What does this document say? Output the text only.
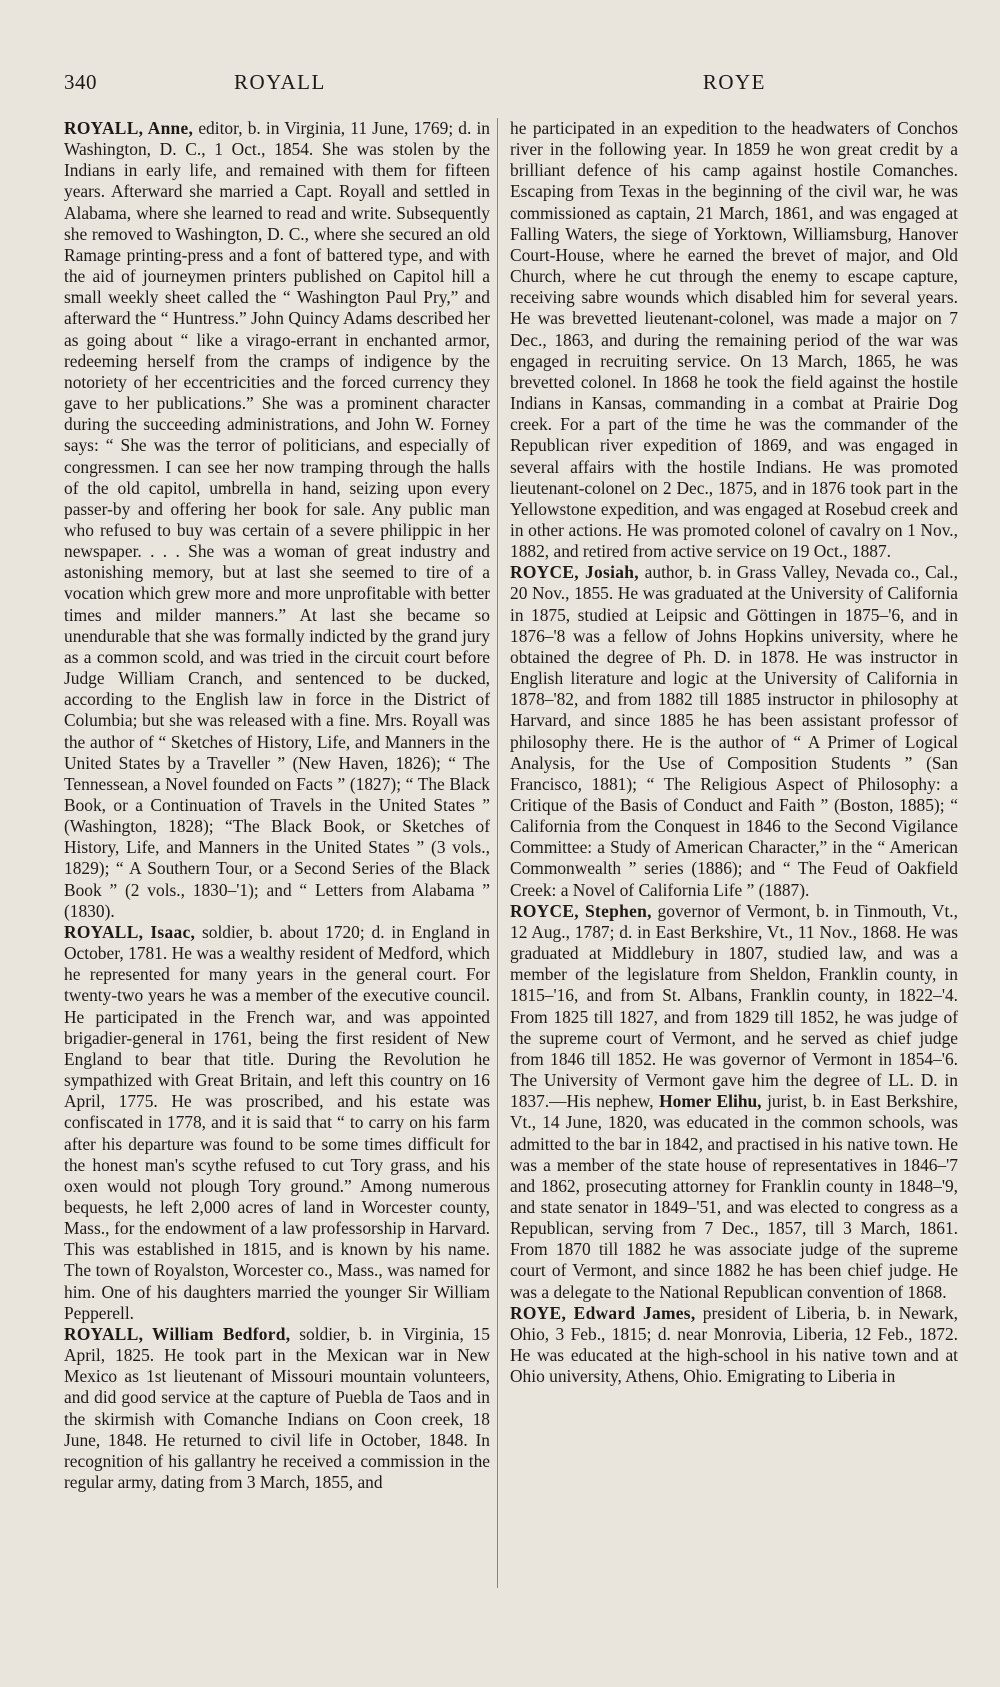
340	ROYALL	ROYE

ROYALL, Anne, editor, b. in Virginia, 11 June, 1769; d. in Washington, D. C., 1 Oct., 1854. She was stolen by the Indians in early life, and remained with them for fifteen years. Afterward she married a Capt. Royall and settled in Alabama, where she learned to read and write. Subsequently she removed to Washington, D. C., where she secured an old Ramage printing-press and a font of battered type, and with the aid of journeymen printers published on Capitol hill a small weekly sheet called the “ Washington Paul Pry,” and afterward the “ Huntress.” John Quincy Adams described her as going about “ like a virago-errant in enchanted armor, redeeming herself from the cramps of indigence by the notoriety of her eccentricities and the forced currency they gave to her publications.” She was a prominent character during the succeeding administrations, and John W. Forney says: “ She was the terror of politicians, and especially of congressmen. I can see her now tramping through the halls of the old capitol, umbrella in hand, seizing upon every passer-by and offering her book for sale. Any public man who refused to buy was certain of a severe philippic in her newspaper. . . . She was a woman of great industry and astonishing memory, but at last she seemed to tire of a vocation which grew more and more unprofitable with better times and milder manners.” At last she became so unendurable that she was formally indicted by the grand jury as a common scold, and was tried in the circuit court before Judge William Cranch, and sentenced to be ducked, according to the English law in force in the District of Columbia; but she was released with a fine. Mrs. Royall was the author of “ Sketches of History, Life, and Manners in the United States by a Traveller ” (New Haven, 1826); “ The Tennessean, a Novel founded on Facts ” (1827); “ The Black Book, or a Continuation of Travels in the United States ” (Washington, 1828); “The Black Book, or Sketches of History, Life, and Manners in the United States ” (3 vols., 1829); “ A Southern Tour, or a Second Series of the Black Book ” (2 vols., 1830–'1); and “ Letters from Alabama ” (1830).

ROYALL, Isaac, soldier, b. about 1720; d. in England in October, 1781. He was a wealthy resident of Medford, which he represented for many years in the general court. For twenty-two years he was a member of the executive council. He participated in the French war, and was appointed brigadier-general in 1761, being the first resident of New England to bear that title. During the Revolution he sympathized with Great Britain, and left this country on 16 April, 1775. He was proscribed, and his estate was confiscated in 1778, and it is said that “ to carry on his farm after his departure was found to be some times difficult for the honest man's scythe refused to cut Tory grass, and his oxen would not plough Tory ground.” Among numerous bequests, he left 2,000 acres of land in Worcester county, Mass., for the endowment of a law professorship in Harvard. This was established in 1815, and is known by his name. The town of Royalston, Worcester co., Mass., was named for him. One of his daughters married the younger Sir William Pepperell.

ROYALL, William Bedford, soldier, b. in Virginia, 15 April, 1825. He took part in the Mexican war in New Mexico as 1st lieutenant of Missouri mountain volunteers, and did good service at the capture of Puebla de Taos and in the skirmish with Comanche Indians on Coon creek, 18 June, 1848. He returned to civil life in October, 1848. In recognition of his gallantry he received a commission in the regular army, dating from 3 March, 1855, and

he participated in an expedition to the headwaters of Conchos river in the following year. In 1859 he won great credit by a brilliant defence of his camp against hostile Comanches. Escaping from Texas in the beginning of the civil war, he was commissioned as captain, 21 March, 1861, and was engaged at Falling Waters, the siege of Yorktown, Williamsburg, Hanover Court-House, where he earned the brevet of major, and Old Church, where he cut through the enemy to escape capture, receiving sabre wounds which disabled him for several years. He was brevetted lieutenant-colonel, was made a major on 7 Dec., 1863, and during the remaining period of the war was engaged in recruiting service. On 13 March, 1865, he was brevetted colonel. In 1868 he took the field against the hostile Indians in Kansas, commanding in a combat at Prairie Dog creek. For a part of the time he was the commander of the Republican river expedition of 1869, and was engaged in several affairs with the hostile Indians. He was promoted lieutenant-colonel on 2 Dec., 1875, and in 1876 took part in the Yellowstone expedition, and was engaged at Rosebud creek and in other actions. He was promoted colonel of cavalry on 1 Nov., 1882, and retired from active service on 19 Oct., 1887.

ROYCE, Josiah, author, b. in Grass Valley, Nevada co., Cal., 20 Nov., 1855. He was graduated at the University of California in 1875, studied at Leipsic and Göttingen in 1875–'6, and in 1876–'8 was a fellow of Johns Hopkins university, where he obtained the degree of Ph. D. in 1878. He was instructor in English literature and logic at the University of California in 1878–'82, and from 1882 till 1885 instructor in philosophy at Harvard, and since 1885 he has been assistant professor of philosophy there. He is the author of “ A Primer of Logical Analysis, for the Use of Composition Students ” (San Francisco, 1881); “ The Religious Aspect of Philosophy: a Critique of the Basis of Conduct and Faith ” (Boston, 1885); “ California from the Conquest in 1846 to the Second Vigilance Committee: a Study of American Character,” in the “ American Commonwealth ” series (1886); and “ The Feud of Oakfield Creek: a Novel of California Life ” (1887).

ROYCE, Stephen, governor of Vermont, b. in Tinmouth, Vt., 12 Aug., 1787; d. in East Berkshire, Vt., 11 Nov., 1868. He was graduated at Middlebury in 1807, studied law, and was a member of the legislature from Sheldon, Franklin county, in 1815–'16, and from St. Albans, Franklin county, in 1822–'4. From 1825 till 1827, and from 1829 till 1852, he was judge of the supreme court of Vermont, and he served as chief judge from 1846 till 1852. He was governor of Vermont in 1854–'6. The University of Vermont gave him the degree of LL. D. in 1837.—His nephew, Homer Elihu, jurist, b. in East Berkshire, Vt., 14 June, 1820, was educated in the common schools, was admitted to the bar in 1842, and practised in his native town. He was a member of the state house of representatives in 1846–'7 and 1862, prosecuting attorney for Franklin county in 1848–'9, and state senator in 1849–'51, and was elected to congress as a Republican, serving from 7 Dec., 1857, till 3 March, 1861. From 1870 till 1882 he was associate judge of the supreme court of Vermont, and since 1882 he has been chief judge. He was a delegate to the National Republican convention of 1868.

ROYE, Edward James, president of Liberia, b. in Newark, Ohio, 3 Feb., 1815; d. near Monrovia, Liberia, 12 Feb., 1872. He was educated at the high-school in his native town and at Ohio university, Athens, Ohio. Emigrating to Liberia in
